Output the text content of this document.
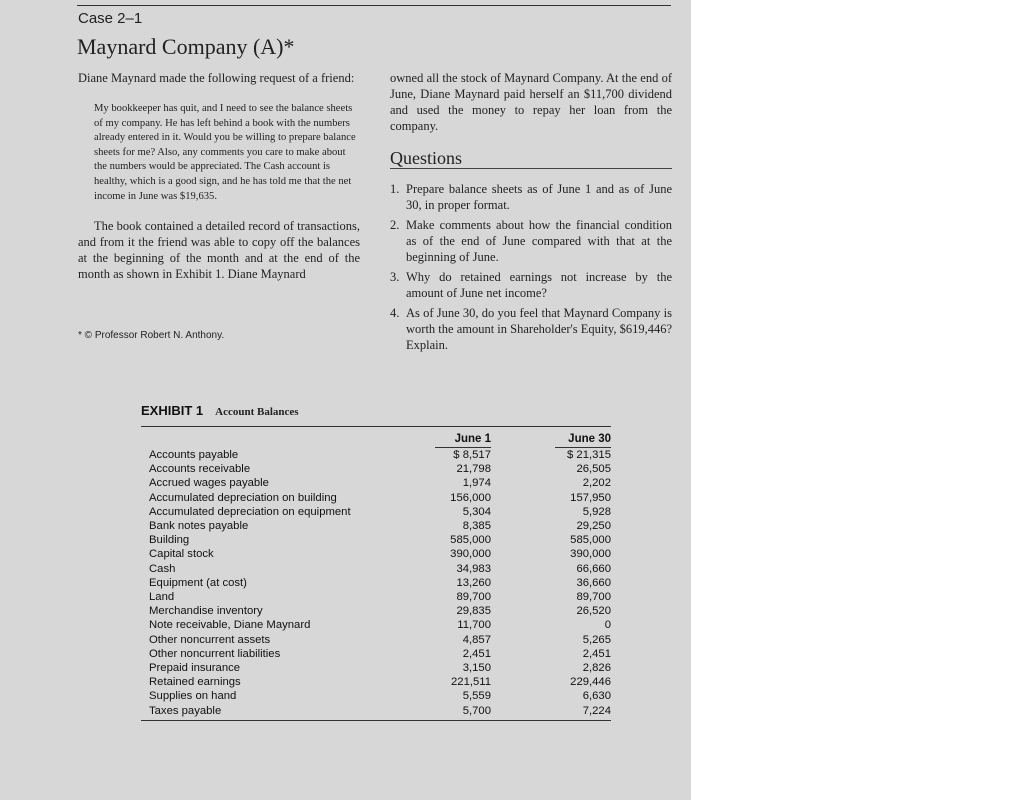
Case 2–1
Maynard Company (A)*

Diane Maynard made the following request of a friend:

My bookkeeper has quit, and I need to see the balance sheets of my company. He has left behind a book with the numbers already entered in it. Would you be willing to prepare balance sheets for me? Also, any comments you care to make about the numbers would be appreciated. The Cash account is healthy, which is a good sign, and he has told me that the net income in June was $19,635.

The book contained a detailed record of transactions, and from it the friend was able to copy off the balances at the beginning of the month and at the end of the month as shown in Exhibit 1. Diane Maynard

* © Professor Robert N. Anthony.

owned all the stock of Maynard Company. At the end of June, Diane Maynard paid herself an $11,700 dividend and used the money to repay her loan from the company.

Questions
1. Prepare balance sheets as of June 1 and as of June 30, in proper format.
2. Make comments about how the financial condition as of the end of June compared with that at the beginning of June.
3. Why do retained earnings not increase by the amount of June net income?
4. As of June 30, do you feel that Maynard Company is worth the amount in Shareholder's Equity, $619,446? Explain.
EXHIBIT 1 Account Balances
	June 1		June 30
Accounts payable	$ 8,517		$ 21,315
Accounts receivable	21,798		26,505
Accrued wages payable	1,974		2,202
Accumulated depreciation on building	156,000		157,950
Accumulated depreciation on equipment	5,304		5,928
Bank notes payable	8,385		29,250
Building	585,000		585,000
Capital stock	390,000		390,000
Cash	34,983		66,660
Equipment (at cost)	13,260		36,660
Land	89,700		89,700
Merchandise inventory	29,835		26,520
Note receivable, Diane Maynard	11,700		0
Other noncurrent assets	4,857		5,265
Other noncurrent liabilities	2,451		2,451
Prepaid insurance	3,150		2,826
Retained earnings	221,511		229,446
Supplies on hand	5,559		6,630
Taxes payable	5,700		7,224
